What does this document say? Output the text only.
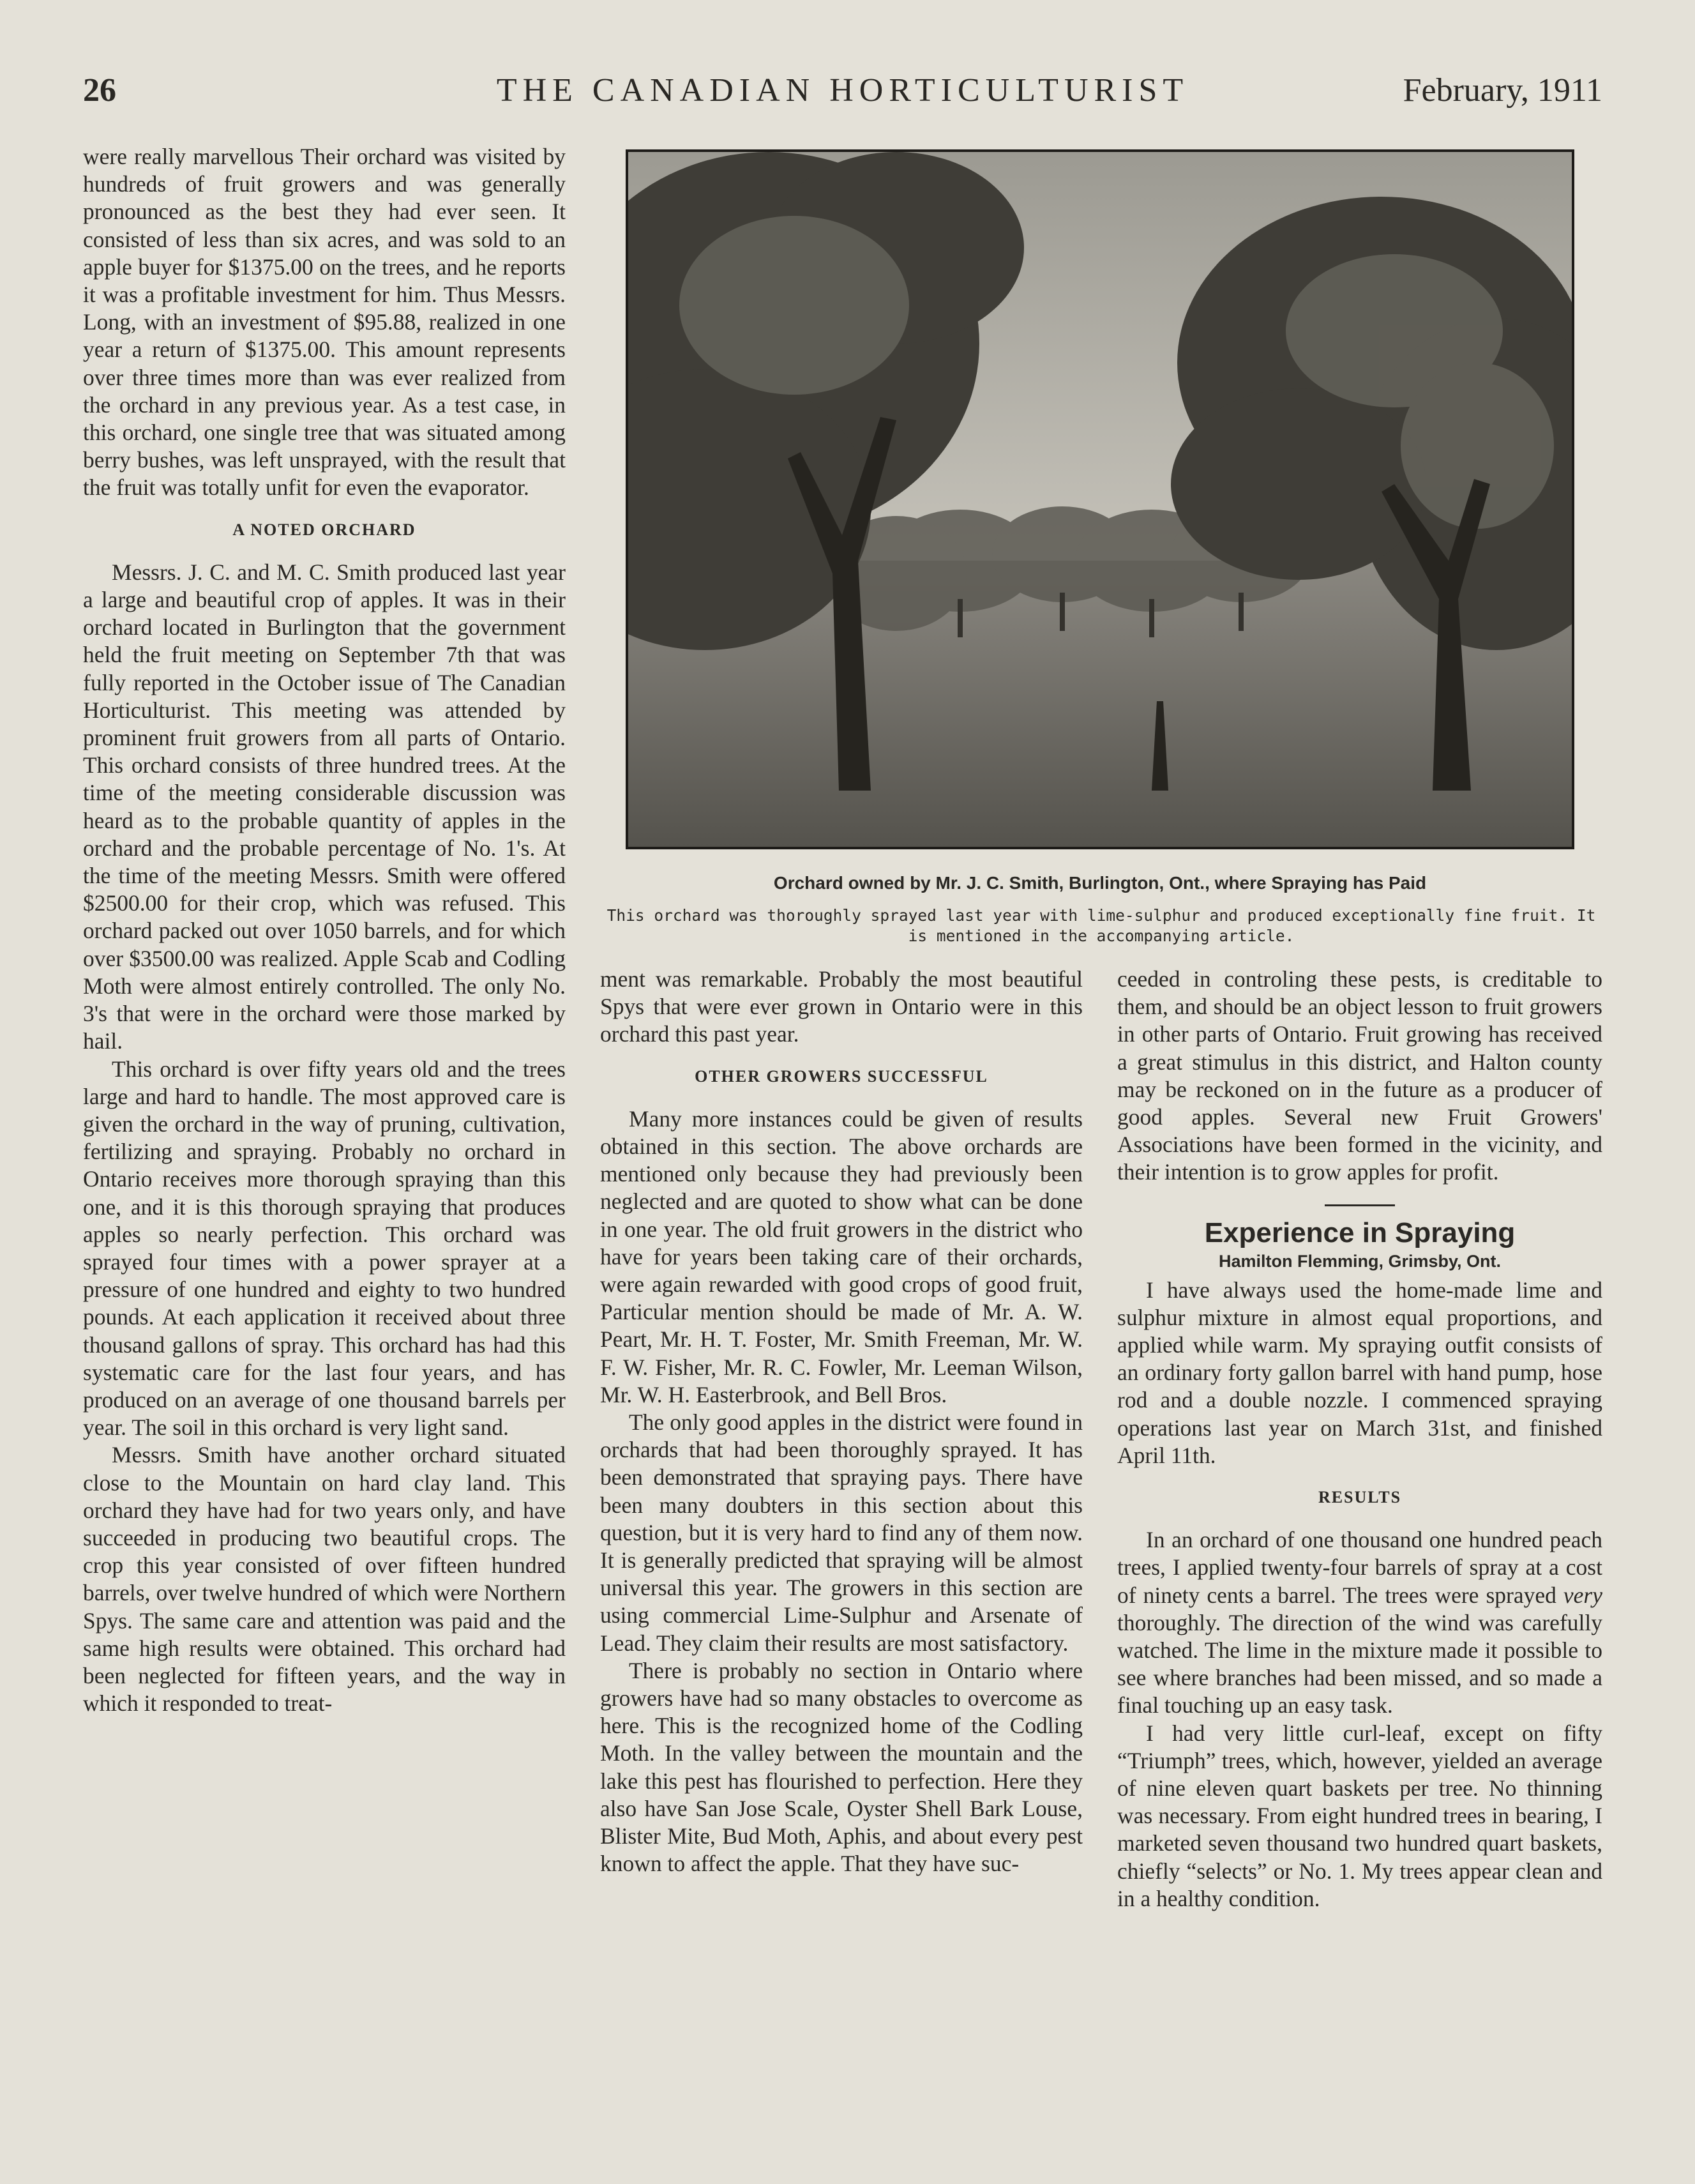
26	THE CANADIAN HORTICULTURIST	February, 1911

were really marvellous Their orchard was visited by hundreds of fruit growers and was generally pronounced as the best they had ever seen. It consisted of less than six acres, and was sold to an apple buyer for $1375.00 on the trees, and he reports it was a profitable investment for him. Thus Messrs. Long, with an investment of $95.88, realized in one year a return of $1375.00. This amount represents over three times more than was ever realized from the orchard in any previous year. As a test case, in this orchard, one single tree that was situated among berry bushes, was left unsprayed, with the result that the fruit was totally unfit for even the evaporator.

A NOTED ORCHARD

Messrs. J. C. and M. C. Smith produced last year a large and beautiful crop of apples. It was in their orchard located in Burlington that the government held the fruit meeting on September 7th that was fully reported in the October issue of The Canadian Horticulturist. This meeting was attended by prominent fruit growers from all parts of Ontario. This orchard consists of three hundred trees. At the time of the meeting considerable discussion was heard as to the probable quantity of apples in the orchard and the probable percentage of No. 1's. At the time of the meeting Messrs. Smith were offered $2500.00 for their crop, which was refused. This orchard packed out over 1050 barrels, and for which over $3500.00 was realized. Apple Scab and Codling Moth were almost entirely controlled. The only No. 3's that were in the orchard were those marked by hail.

This orchard is over fifty years old and the trees large and hard to handle. The most approved care is given the orchard in the way of pruning, cultivation, fertilizing and spraying. Probably no orchard in Ontario receives more thorough spraying than this one, and it is this thorough spraying that produces apples so nearly perfection. This orchard was sprayed four times with a power sprayer at a pressure of one hundred and eighty to two hundred pounds. At each application it received about three thousand gallons of spray. This orchard has had this systematic care for the last four years, and has produced on an average of one thousand barrels per year. The soil in this orchard is very light sand.

Messrs. Smith have another orchard situated close to the Mountain on hard clay land. This orchard they have had for two years only, and have succeeded in producing two beautiful crops. The crop this year consisted of over fifteen hundred barrels, over twelve hundred of which were Northern Spys. The same care and attention was paid and the same high results were obtained. This orchard had been neglected for fifteen years, and the way in which it responded to treat-

Orchard owned by Mr. J. C. Smith, Burlington, Ont., where Spraying has Paid
This orchard was thoroughly sprayed last year with lime-sulphur and produced exceptionally fine fruit. It is mentioned in the accompanying article.

ment was remarkable. Probably the most beautiful Spys that were ever grown in Ontario were in this orchard this past year.

OTHER GROWERS SUCCESSFUL

Many more instances could be given of results obtained in this section. The above orchards are mentioned only because they had previously been neglected and are quoted to show what can be done in one year. The old fruit growers in the district who have for years been taking care of their orchards, were again rewarded with good crops of good fruit, Particular mention should be made of Mr. A. W. Peart, Mr. H. T. Foster, Mr. Smith Freeman, Mr. W. F. W. Fisher, Mr. R. C. Fowler, Mr. Leeman Wilson, Mr. W. H. Easterbrook, and Bell Bros.

The only good apples in the district were found in orchards that had been thoroughly sprayed. It has been demonstrated that spraying pays. There have been many doubters in this section about this question, but it is very hard to find any of them now. It is generally predicted that spraying will be almost universal this year. The growers in this section are using commercial Lime-Sulphur and Arsenate of Lead. They claim their results are most satisfactory.

There is probably no section in Ontario where growers have had so many obstacles to overcome as here. This is the recognized home of the Codling Moth. In the valley between the mountain and the lake this pest has flourished to perfection. Here they also have San Jose Scale, Oyster Shell Bark Louse, Blister Mite, Bud Moth, Aphis, and about every pest known to affect the apple. That they have suc-

ceeded in controling these pests, is creditable to them, and should be an object lesson to fruit growers in other parts of Ontario. Fruit growing has received a great stimulus in this district, and Halton county may be reckoned on in the future as a producer of good apples. Several new Fruit Growers' Associations have been formed in the vicinity, and their intention is to grow apples for profit.

Experience in Spraying
Hamilton Flemming, Grimsby, Ont.

I have always used the home-made lime and sulphur mixture in almost equal proportions, and applied while warm. My spraying outfit consists of an ordinary forty gallon barrel with hand pump, hose rod and a double nozzle. I commenced spraying operations last year on March 31st, and finished April 11th.

RESULTS

In an orchard of one thousand one hundred peach trees, I applied twenty-four barrels of spray at a cost of ninety cents a barrel. The trees were sprayed very thoroughly. The direction of the wind was carefully watched. The lime in the mixture made it possible to see where branches had been missed, and so made a final touching up an easy task.

I had very little curl-leaf, except on fifty “Triumph” trees, which, however, yielded an average of nine eleven quart baskets per tree. No thinning was necessary. From eight hundred trees in bearing, I marketed seven thousand two hundred quart baskets, chiefly “selects” or No. 1. My trees appear clean and in a healthy condition.
